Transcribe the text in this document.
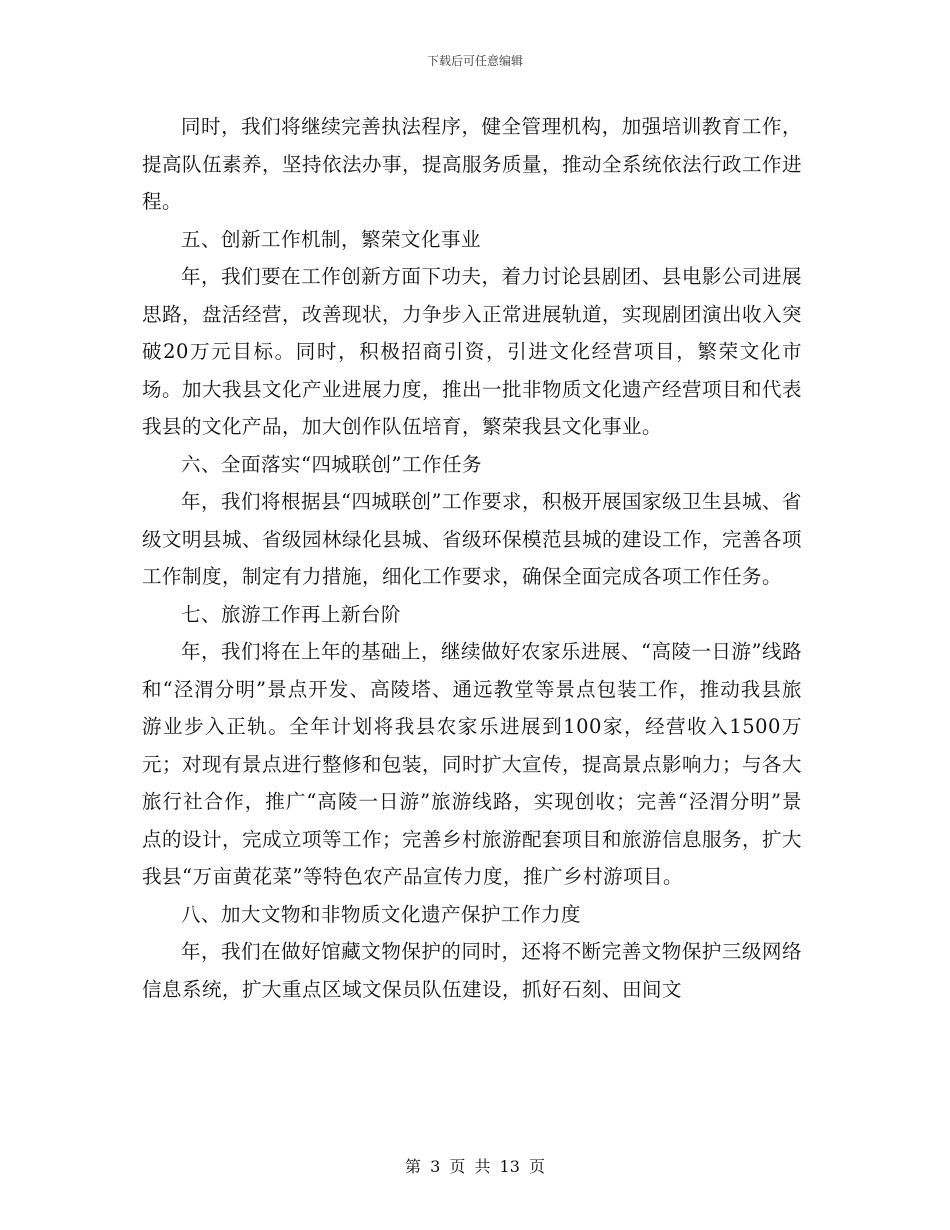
下载后可任意编辑

同时，我们将继续完善执法程序，健全管理机构，加强培训教育工作，提高队伍素养，坚持依法办事，提高服务质量，推动全系统依法行政工作进程。

五、创新工作机制，繁荣文化事业

年，我们要在工作创新方面下功夫，着力讨论县剧团、县电影公司进展思路，盘活经营，改善现状，力争步入正常进展轨道，实现剧团演出收入突破20万元目标。同时，积极招商引资，引进文化经营项目，繁荣文化市场。加大我县文化产业进展力度，推出一批非物质文化遗产经营项目和代表我县的文化产品，加大创作队伍培育，繁荣我县文化事业。

六、全面落实“四城联创”工作任务

年，我们将根据县“四城联创”工作要求，积极开展国家级卫生县城、省级文明县城、省级园林绿化县城、省级环保模范县城的建设工作，完善各项工作制度，制定有力措施，细化工作要求，确保全面完成各项工作任务。

七、旅游工作再上新台阶

年，我们将在上年的基础上，继续做好农家乐进展、“高陵一日游”线路和“泾渭分明”景点开发、高陵塔、通远教堂等景点包装工作，推动我县旅游业步入正轨。全年计划将我县农家乐进展到100家，经营收入1500万元；对现有景点进行整修和包装，同时扩大宣传，提高景点影响力；与各大旅行社合作，推广“高陵一日游”旅游线路，实现创收；完善“泾渭分明”景点的设计，完成立项等工作；完善乡村旅游配套项目和旅游信息服务，扩大我县“万亩黄花菜”等特色农产品宣传力度，推广乡村游项目。

八、加大文物和非物质文化遗产保护工作力度

年，我们在做好馆藏文物保护的同时，还将不断完善文物保护三级网络信息系统，扩大重点区域文保员队伍建设，抓好石刻、田间文

第 3 页 共 13 页
